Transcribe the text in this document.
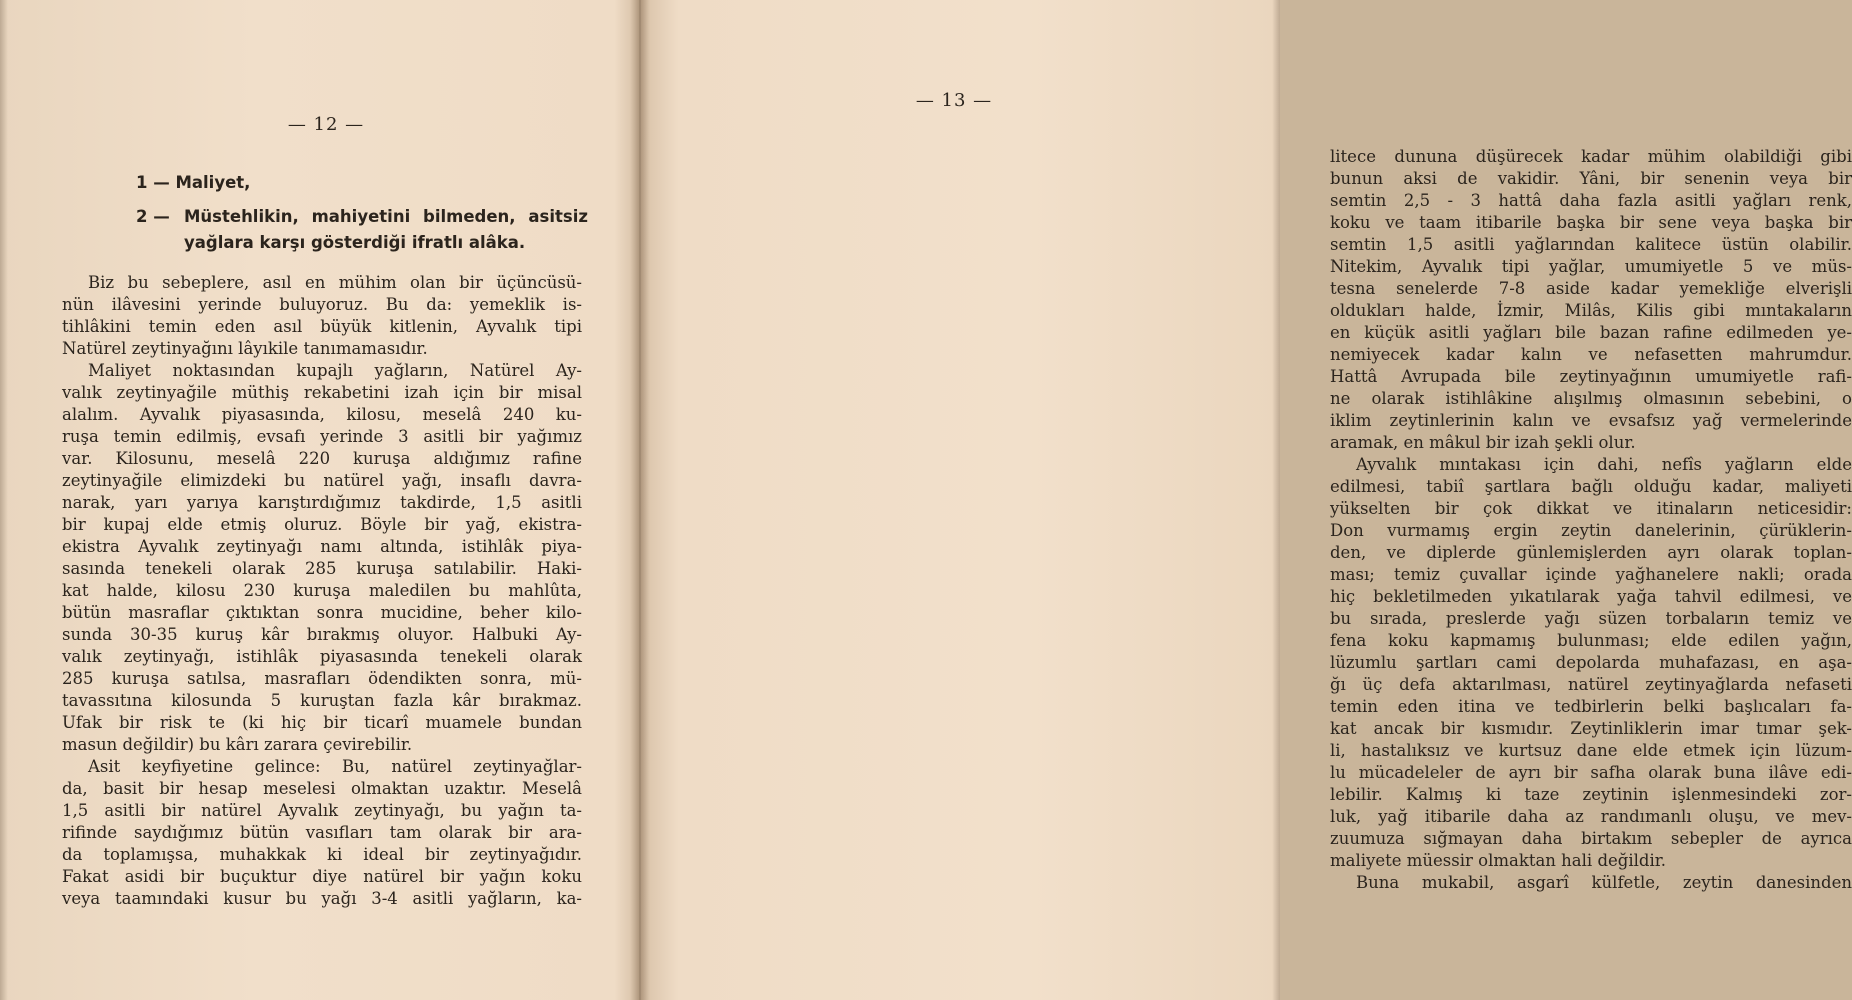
— 12 —
1 — Maliyet,
2 — Müstehlikin, mahiyetini bilmeden, asitsiz yağlara karşı gösterdiği ifratlı alâka.
Biz bu sebeplere, asıl en mühim olan bir üçüncüsü-
nün ilâvesini yerinde buluyoruz. Bu da: yemeklik is-
tihlâkini temin eden asıl büyük kitlenin, Ayvalık tipi
Natürel zeytinyağını lâyıkile tanımamasıdır.
Maliyet noktasından kupajlı yağların, Natürel Ay-
valık zeytinyağile müthiş rekabetini izah için bir misal
alalım. Ayvalık piyasasında, kilosu, meselâ 240 ku-
ruşa temin edilmiş, evsafı yerinde 3 asitli bir yağımız
var. Kilosunu, meselâ 220 kuruşa aldığımız rafine
zeytinyağile elimizdeki bu natürel yağı, insaflı davra-
narak, yarı yarıya karıştırdığımız takdirde, 1,5 asitli
bir kupaj elde etmiş oluruz. Böyle bir yağ, ekistra-
ekistra Ayvalık zeytinyağı namı altında, istihlâk piya-
sasında tenekeli olarak 285 kuruşa satılabilir. Haki-
kat halde, kilosu 230 kuruşa maledilen bu mahlûta,
bütün masraflar çıktıktan sonra mucidine, beher kilo-
sunda 30-35 kuruş kâr bırakmış oluyor. Halbuki Ay-
valık zeytinyağı, istihlâk piyasasında tenekeli olarak
285 kuruşa satılsa, masrafları ödendikten sonra, mü-
tavassıtına kilosunda 5 kuruştan fazla kâr bırakmaz.
Ufak bir risk te (ki hiç bir ticarî muamele bundan
masun değildir) bu kârı zarara çevirebilir.
Asit keyfiyetine gelince: Bu, natürel zeytinyağlar-
da, basit bir hesap meselesi olmaktan uzaktır. Meselâ
1,5 asitli bir natürel Ayvalık zeytinyağı, bu yağın ta-
rifinde saydığımız bütün vasıfları tam olarak bir ara-
da toplamışsa, muhakkak ki ideal bir zeytinyağıdır.
Fakat asidi bir buçuktur diye natürel bir yağın koku
veya taamındaki kusur bu yağı 3-4 asitli yağların, ka-
— 13 —
litece dununa düşürecek kadar mühim olabildiği gibi
bunun aksi de vakidir. Yâni, bir senenin veya bir
semtin 2,5 - 3 hattâ daha fazla asitli yağları renk,
koku ve taam itibarile başka bir sene veya başka bir
semtin 1,5 asitli yağlarından kalitece üstün olabilir.
Nitekim, Ayvalık tipi yağlar, umumiyetle 5 ve müs-
tesna senelerde 7-8 aside kadar yemekliğe elverişli
oldukları halde, İzmir, Milâs, Kilis gibi mıntakaların
en küçük asitli yağları bile bazan rafine edilmeden ye-
nemiyecek kadar kalın ve nefasetten mahrumdur.
Hattâ Avrupada bile zeytinyağının umumiyetle rafi-
ne olarak istihlâkine alışılmış olmasının sebebini, o
iklim zeytinlerinin kalın ve evsafsız yağ vermelerinde
aramak, en mâkul bir izah şekli olur.
Ayvalık mıntakası için dahi, nefîs yağların elde
edilmesi, tabiî şartlara bağlı olduğu kadar, maliyeti
yükselten bir çok dikkat ve itinaların neticesidir:
Don vurmamış ergin zeytin danelerinin, çürüklerin-
den, ve diplerde günlemişlerden ayrı olarak toplan-
ması; temiz çuvallar içinde yağhanelere nakli; orada
hiç bekletilmeden yıkatılarak yağa tahvil edilmesi, ve
bu sırada, preslerde yağı süzen torbaların temiz ve
fena koku kapmamış bulunması; elde edilen yağın,
lüzumlu şartları cami depolarda muhafazası, en aşa-
ğı üç defa aktarılması, natürel zeytinyağlarda nefaseti
temin eden itina ve tedbirlerin belki başlıcaları fa-
kat ancak bir kısmıdır. Zeytinliklerin imar tımar şek-
li, hastalıksız ve kurtsuz dane elde etmek için lüzum-
lu mücadeleler de ayrı bir safha olarak buna ilâve edi-
lebilir. Kalmış ki taze zeytinin işlenmesindeki zor-
luk, yağ itibarile daha az randımanlı oluşu, ve mev-
zuumuza sığmayan daha birtakım sebepler de ayrıca
maliyete müessir olmaktan hali değildir.
Buna mukabil, asgarî külfetle, zeytin danesinden
